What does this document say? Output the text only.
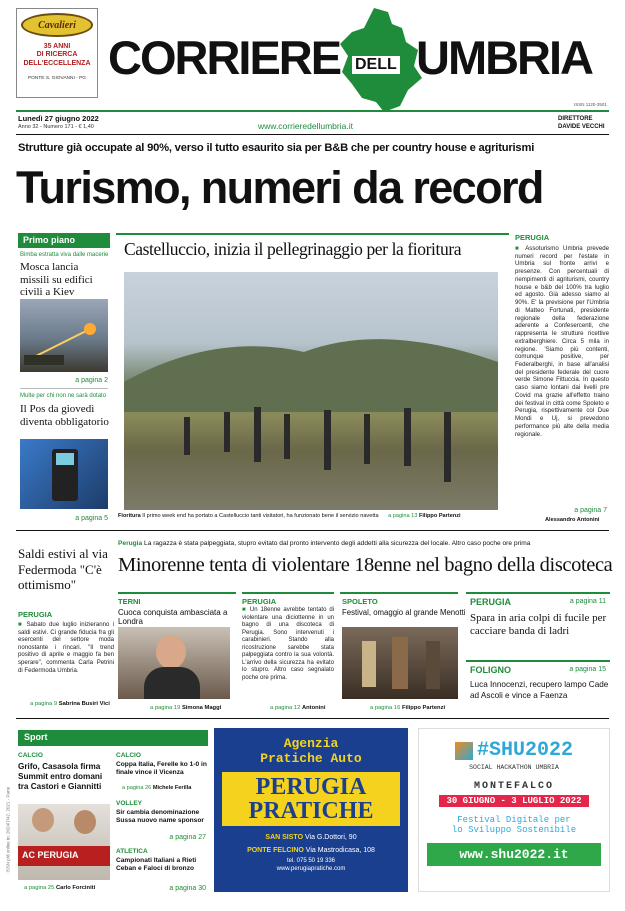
Cavalieri
35 ANNI
DI RICERCA
DELL'ECCELLENZA
PONTE S. GIOVANNI - PG CORRIERE DELL UMBRIA
ISSN 1120-3501
Lunedì 27 giugno 2022
Anno 32 - Numero 171 - € 1,40	www.corrieredellumbria.it
DIRETTORE
DAVIDE VECCHI
Strutture già occupate al 90%, verso il tutto esaurito sia per B&B che per country house e agriturismi
Turismo, numeri da record
Primo piano
Bimba estratta viva dalle macerie
Mosca lancia missili su edifici civili a Kiev
a pagina 2
Multe per chi non ne sarà dotato
Il Pos da giovedì diventa obbligatorio
a pagina 5
Castelluccio, inizia il pellegrinaggio per la fioritura
Fioritura Il primo week end ha portato a Castelluccio tanti visitatori, ha funzionato bene il servizio navetta a pagina 13 Filippo Partenzi
PERUGIA
■ Assoturismo Umbria prevede numeri record per l'estate in Umbria sul fronte arrivi e presenze. Con percentuali di riempimenti di agriturismi, country house e b&b del 100% tra luglio ed agosto. Già adesso siamo al 90%. E' la previsione per l'Umbria di Matteo Fortunati, presidente regionale della federazione aderente a Confesercenti, che rappresenta le strutture ricettive extralberghiere. Circa 5 mila in regione. 'Siamo più contenti, comunque positive, per Federalberghi, in base all'analisi del presidente federale del cuore verde Simone Fittuccia. In questo caso siamo lontani dai livelli pre Covid ma grazie all'effetto traino dei festival in città come Spoleto e Perugia, rispettivamente col Due Mondi e Uj, si prevedono performance più alte della media regionale.
a pagina 7
Alessandro Antonini
Saldi estivi al via Federmoda "C'è ottimismo"
PERUGIA
■ Sabato due luglio inizieranno i saldi estivi. Ci grande fiducia fra gli esercenti del settore moda nonostante i rincari. "Il trend positivo di aprile e maggio fa ben sperare", commenta Carla Petrini di Federmoda Umbria.
a pagina 9 Sabrina Busiri Vici
Perugia La ragazza è stata palpeggiata, stupro evitato dal pronto intervento degli addetti alla sicurezza del locale. Altro caso poche ore prima
Minorenne tenta di violentare 18enne nel bagno della discoteca
TERNI
Cuoca conquista ambasciata a Londra
a pagina 19 Simona Maggi
PERUGIA
■ Un 18enne avrebbe tentato di violentare una diciottenne in un bagno di una discoteca di Perugia. Sono intervenuti i carabinieri. Stando alla ricostruzione sarebbe stata palpeggiata contro la sua volontà. L'arrivo della sicurezza ha evitato lo stupro. Altro caso segnalato poche ore prima.
a pagina 12 Antonini
SPOLETO
Festival, omaggio al grande Menotti
a pagina 16 Filippo Partenzi
PERUGIA	a pagina 11
Spara in aria colpi di fucile per cacciare banda di ladri
FOLIGNO	a pagina 15
Luca Innocenzi, recupero lampo Cade ad Ascoli e vince a Faenza
Sport
CALCIO
Grifo, Casasola firma Summit entro domani tra Castori e Giannitti
AC PERUGIA
a pagina 25 Carlo Forciniti
CALCIO
Coppa Italia, Ferelle ko 1-0 in finale vince il Vicenza
a pagina 26 Michele Ferilla
VOLLEY
Sir cambia denominazione Sussa nuovo name sponsor
a pagina 27
ATLETICA
Campionati Italiani a Rieti Ceban e Faloci di bronzo
a pagina 30
Agenzia
Pratiche Auto
PERUGIA
PRATICHE
SAN SISTO Via G.Dottori, 90
PONTE FELCINO Via Mastrodicasa, 108
tel. 075 50 19 336
www.perugiapratiche.com
#SHU2022
SOCIAL HACKATHON UMBRIA
MONTEFALCO
30 GIUGNO - 3 LUGLIO 2022
Festival Digitale per
lo Sviluppo Sostenibile
www.shu2022.it
ISSN p/d online in: 2024/7/42. 2021 - Parte
